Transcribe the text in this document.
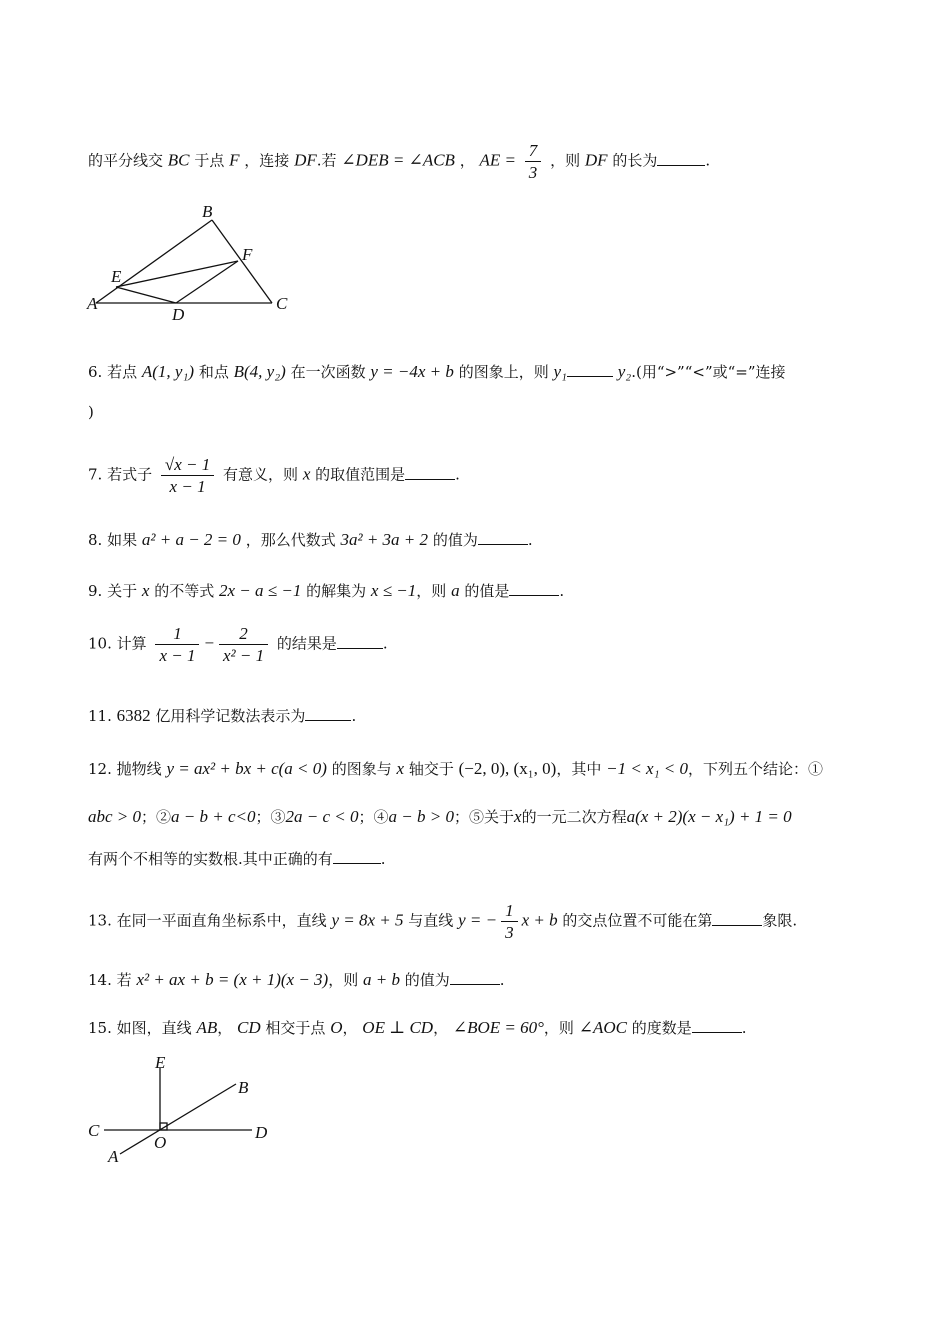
的平分线交 BC 于点 F ，连接 DF.若 ∠DEB = ∠ACB ， AE = $\frac{7}{3}$ ，则 DF 的长为	.
B
E
F
A
D
C
6. 若点 A(1, y₁) 和点 B(4, y₂) 在一次函数 y = −4x + b 的图象上，则 y₁	y₂.(用“>”“<”或“=”连接
)
7. 若式子 $\frac{√x - 1}{x - 1}$ 有意义，则 x 的取值范围是	.
8. 如果 a² + a − 2 = 0 ，那么代数式 3a² + 3a + 2 的值为	.
9. 关于 x 的不等式 2x − a ≤ −1 的解集为 x ≤ −1，则 a 的值是	.
10. 计算 $\frac{1}{x - 1} - \frac{2}{\text{x² − 1}}$ 的结果是	.
11. 6382 亿用科学记数法表示为	.
12. 抛物线 y = ax² + bx + c(a < 0) 的图象与 x 轴交于 (−2, 0), (x₁, 0)，其中 −1 < x₁ < 0，下列五个结论：①
abc > 0；②a − b + c<0；③2a − c < 0；④a − b > 0；⑤关于x的一元二次方程a(x + 2)(x − x₁) + 1 = 0
有两个不相等的实数根.其中正确的有	.
13. 在同一平面直角坐标系中，直线 y = 8x + 5 与直线 y = − $\frac{1}{3}$ x + b 的交点位置不可能在第	象限.
14. 若 x² + ax + b = (x + 1)(x − 3)，则 a + b 的值为	.
15. 如图，直线 AB， CD 相交于点 O， OE ⊥ CD， ∠BOE = 60°，则 ∠AOC 的度数是	.
E
B
C
O
D
A
